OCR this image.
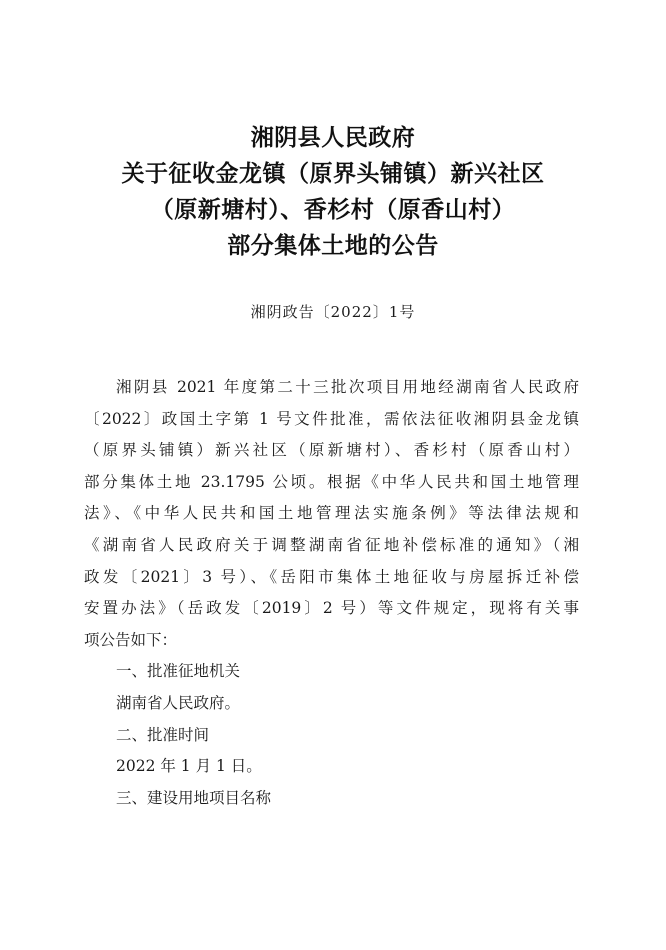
湘阴县人民政府
关于征收金龙镇（原界头铺镇）新兴社区
（原新塘村）、香杉村（原香山村）
部分集体土地的公告
湘阴政告〔2022〕1号
湘阴县 2021 年度第二十三批次项目用地经湖南省人民政府
〔2022〕政国土字第 1 号文件批准，需依法征收湘阴县金龙镇
（原界头铺镇）新兴社区（原新塘村）、香杉村（原香山村）
部分集体土地 23.1795 公顷。根据《中华人民共和国土地管理
法》、《中华人民共和国土地管理法实施条例》等法律法规和
《湖南省人民政府关于调整湖南省征地补偿标准的通知》（湘
政发〔2021〕3 号）、《岳阳市集体土地征收与房屋拆迁补偿
安置办法》（岳政发〔2019〕2 号）等文件规定，现将有关事
项公告如下：
一、批准征地机关
湖南省人民政府。
二、批准时间
2022 年 1 月 1 日。
三、建设用地项目名称
